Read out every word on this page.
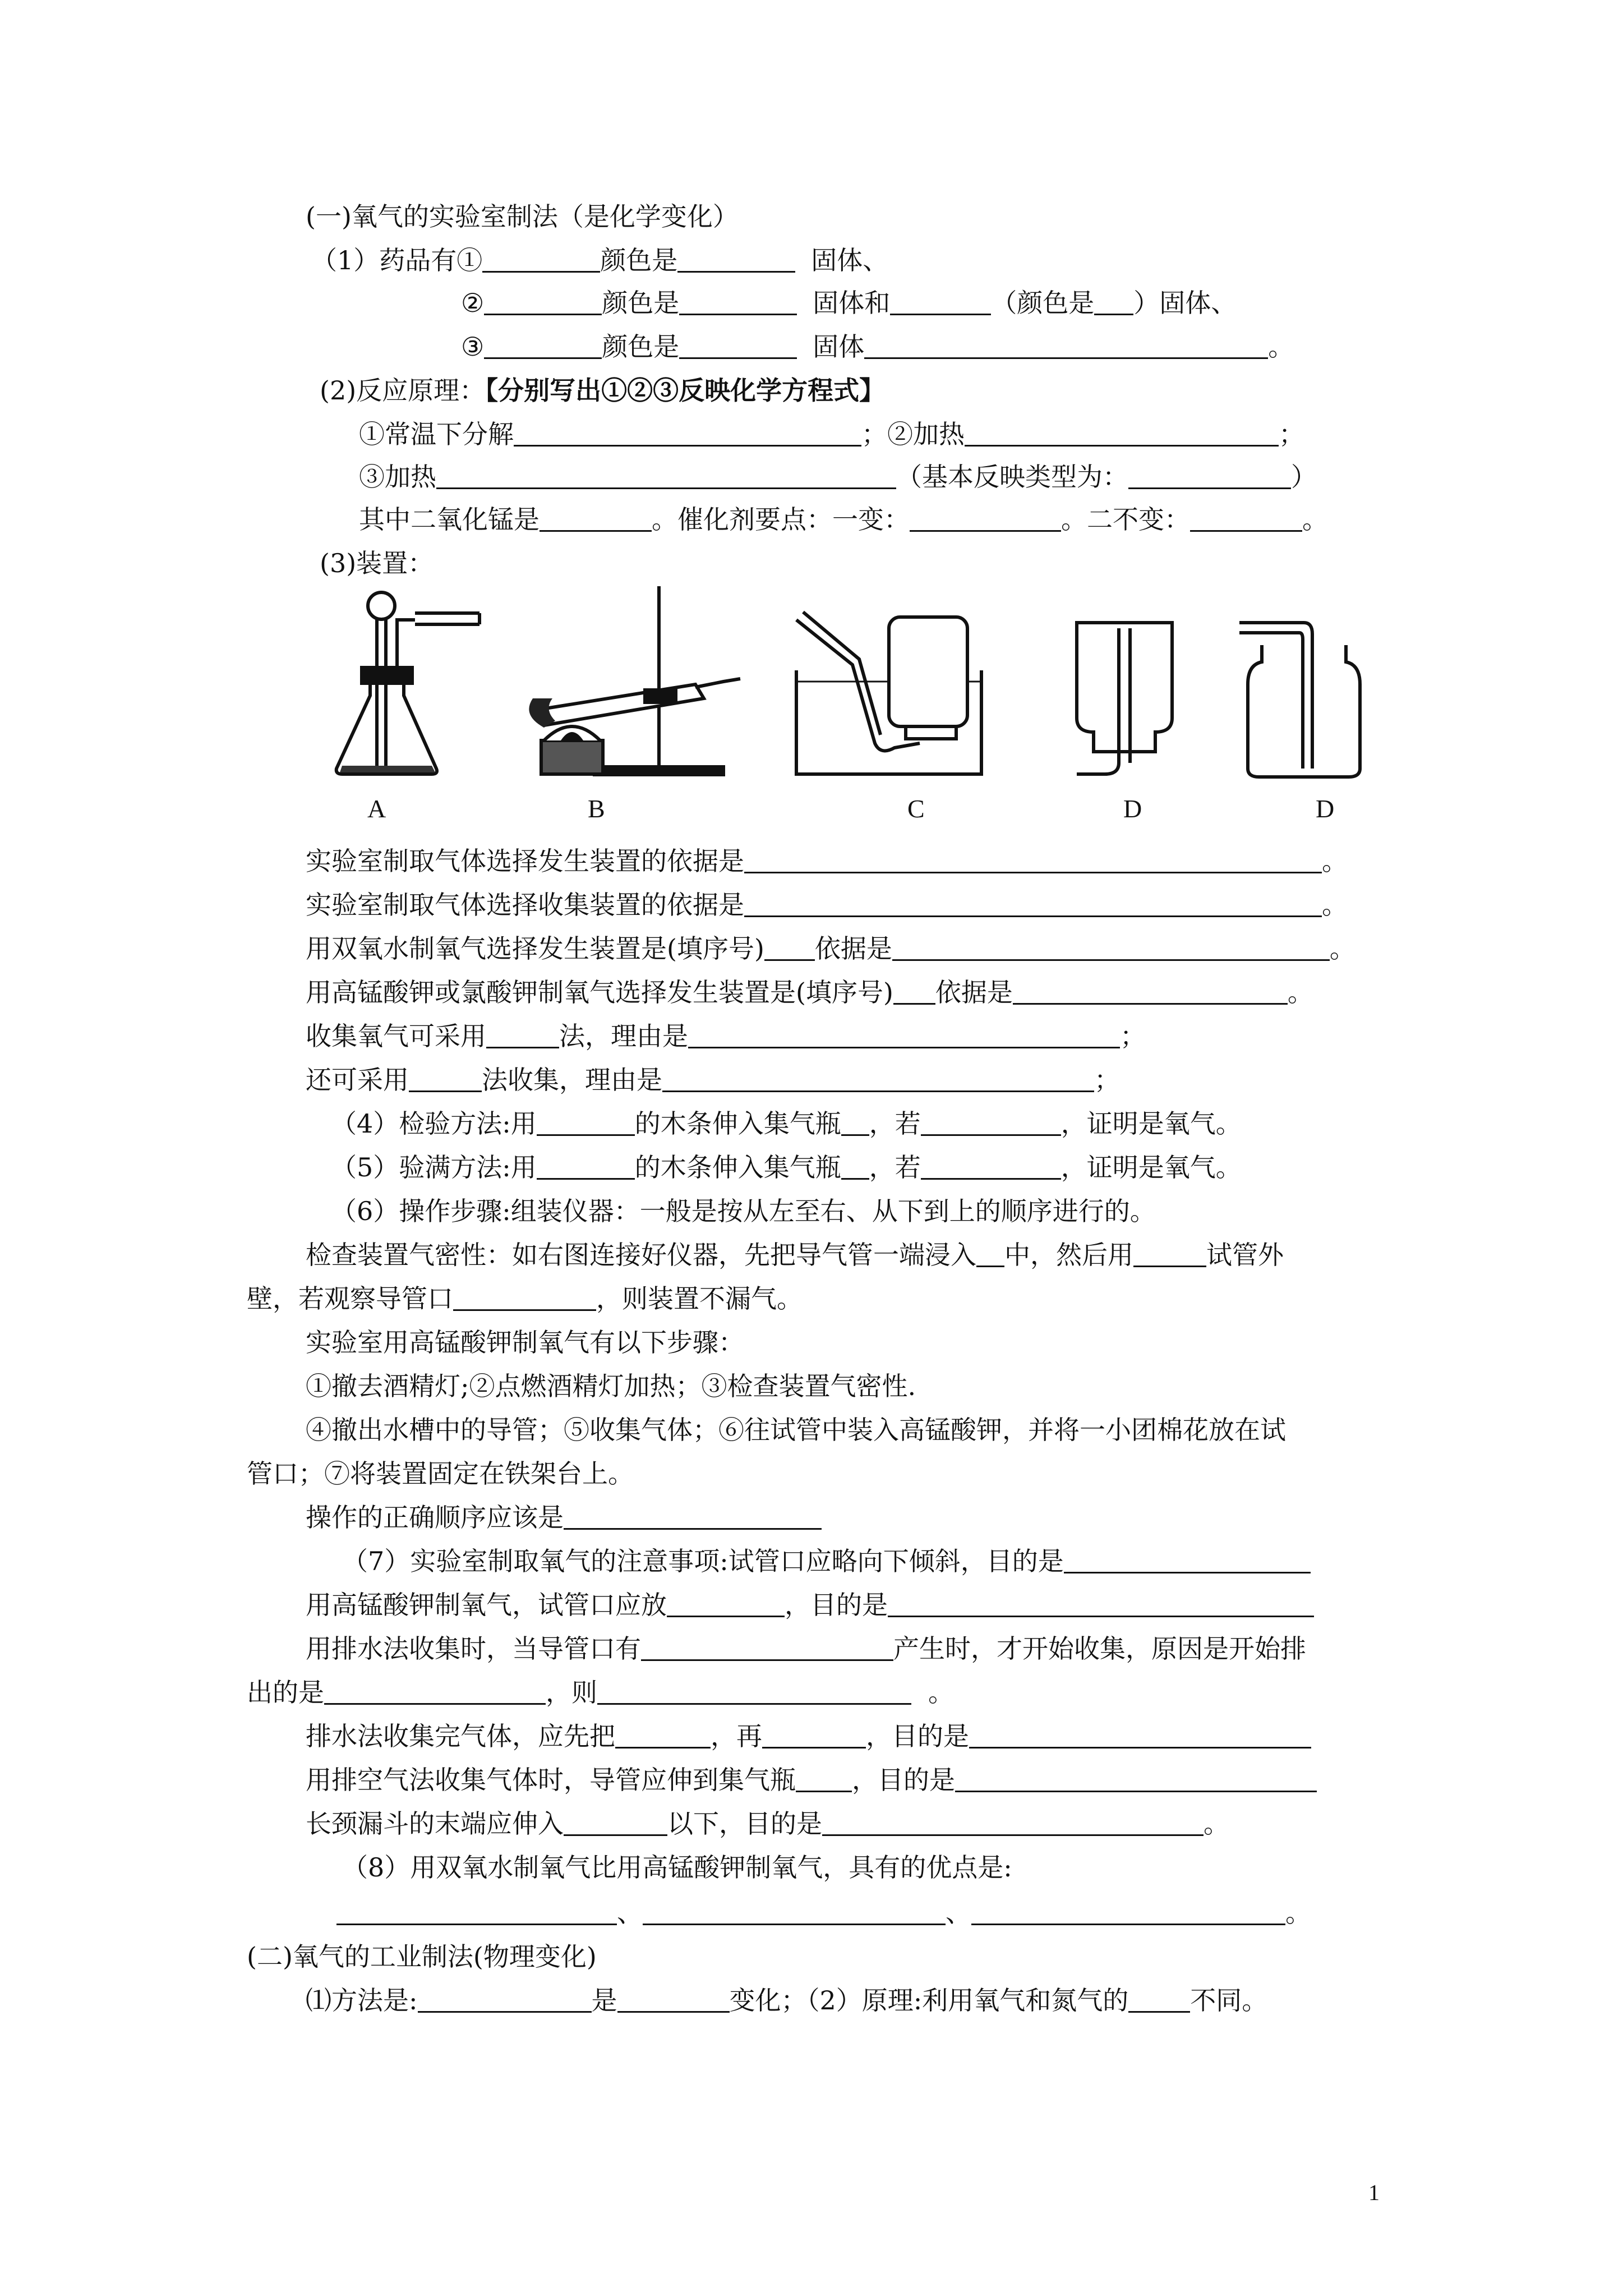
(一)氧气的实验室制法（是化学变化）
（1）药品有①	颜色是	固体、
②	颜色是	固体和	（颜色是 ）固体、
③	颜色是	固体	。
(2)反应原理：【分别写出①②③反映化学方程式】
①常温下分解	；②加热	；
③加热	（基本反映类型为：	）
其中二氧化锰是	。催化剂要点：一变：	。二不变：	。
(3)装置：
A	B	C	D	D
实验室制取气体选择发生装置的依据是	。
实验室制取气体选择收集装置的依据是	。
用双氧水制氧气选择发生装置是(填序号) 依据是	。
用高锰酸钾或氯酸钾制氧气选择发生装置是(填序号) 依据是	。
收集氧气可采用	法，理由是	；
还可采用	法收集，理由是	；
（4）检验方法:用	的木条伸入集气瓶 ，若	，证明是氧气。
（5）验满方法:用	的木条伸入集气瓶 ，若	，证明是氧气。
（6）操作步骤:组装仪器：一般是按从左至右、从下到上的顺序进行的。
检查装置气密性：如右图连接好仪器，先把导气管一端浸入 中，然后用	试管外
壁，若观察导管口	，则装置不漏气。
实验室用高锰酸钾制氧气有以下步骤：
①撤去酒精灯;②点燃酒精灯加热；③检查装置气密性.
④撤出水槽中的导管；⑤收集气体；⑥往试管中装入高锰酸钾，并将一小团棉花放在试
管口；⑦将装置固定在铁架台上。
操作的正确顺序应该是
（7）实验室制取氧气的注意事项:试管口应略向下倾斜，目的是
用高锰酸钾制氧气，试管口应放	，目的是
用排水法收集时，当导管口有	产生时，才开始收集，原因是开始排
出的是	，则	。
排水法收集完气体，应先把	，再	，目的是
用排空气法收集气体时，导管应伸到集气瓶 ，目的是
长颈漏斗的末端应伸入	以下，目的是	。
（8）用双氧水制氧气比用高锰酸钾制氧气，具有的优点是:
、	、	。
(二)氧气的工业制法(物理变化)
⑴方法是:	是	变化；（2）原理:利用氧气和氮气的 不同。
1
